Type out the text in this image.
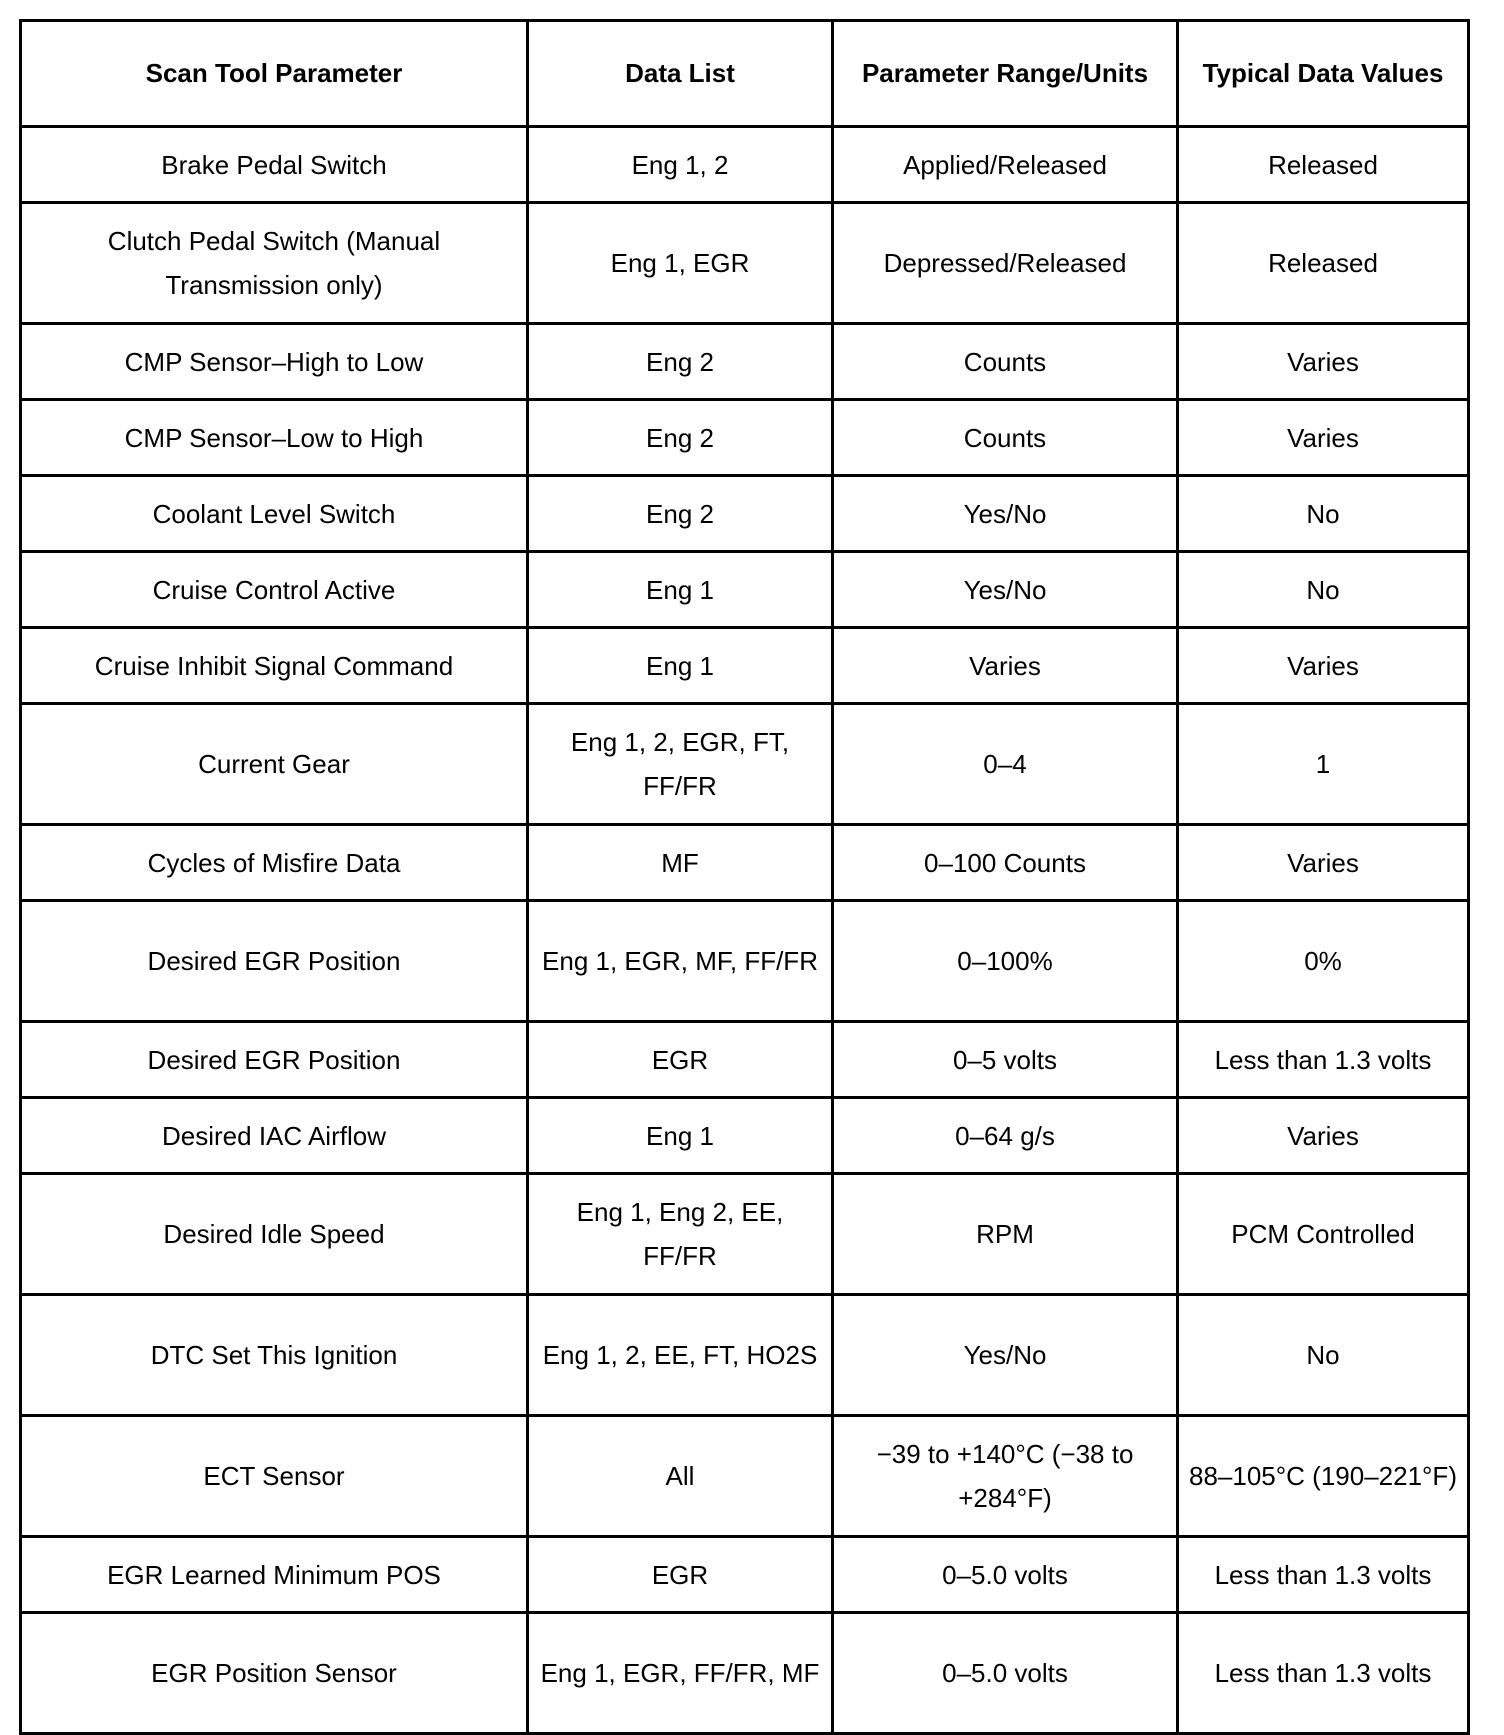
Scan Tool Parameter	Data List	Parameter Range/Units	Typical Data Values
Brake Pedal Switch	Eng 1, 2	Applied/Released	Released
Clutch Pedal Switch (Manual Transmission only)	Eng 1, EGR	Depressed/Released	Released
CMP Sensor–High to Low	Eng 2	Counts	Varies
CMP Sensor–Low to High	Eng 2	Counts	Varies
Coolant Level Switch	Eng 2	Yes/No	No
Cruise Control Active	Eng 1	Yes/No	No
Cruise Inhibit Signal Command	Eng 1	Varies	Varies
Current Gear	Eng 1, 2, EGR, FT, FF/FR	0–4	1
Cycles of Misfire Data	MF	0–100 Counts	Varies
Desired EGR Position	Eng 1, EGR, MF, FF/FR	0–100%	0%
Desired EGR Position	EGR	0–5 volts	Less than 1.3 volts
Desired IAC Airflow	Eng 1	0–64 g/s	Varies
Desired Idle Speed	Eng 1, Eng 2, EE, FF/FR	RPM	PCM Controlled
DTC Set This Ignition	Eng 1, 2, EE, FT, HO2S	Yes/No	No
ECT Sensor	All	−39 to +140°C (−38 to +284°F)	88–105°C (190–221°F)
EGR Learned Minimum POS	EGR	0–5.0 volts	Less than 1.3 volts
EGR Position Sensor	Eng 1, EGR, FF/FR, MF	0–5.0 volts	Less than 1.3 volts
